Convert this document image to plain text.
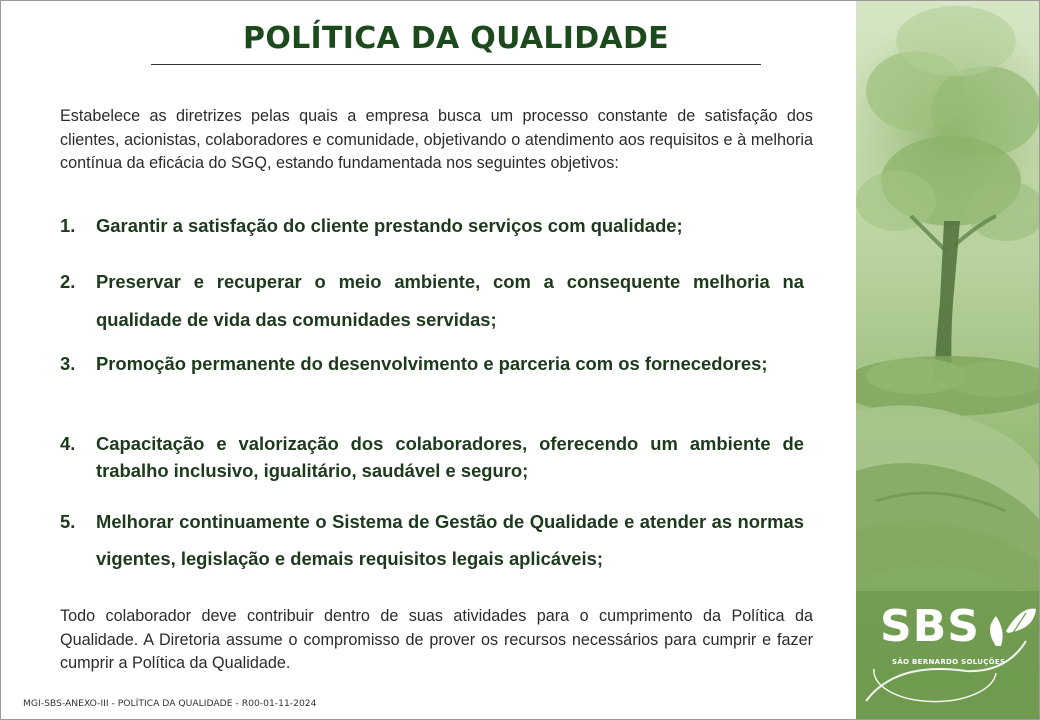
POLÍTICA DA QUALIDADE

Estabelece as diretrizes pelas quais a empresa busca um processo constante de satisfação dos clientes, acionistas, colaboradores e comunidade, objetivando o atendimento aos requisitos e à melhoria contínua da eficácia do SGQ, estando fundamentada nos seguintes objetivos:

1.	Garantir a satisfação do cliente prestando serviços com qualidade;
2.	Preservar e recuperar o meio ambiente, com a consequente melhoria na qualidade de vida das comunidades servidas;
3.	Promoção permanente do desenvolvimento e parceria com os fornecedores;
4.	Capacitação e valorização dos colaboradores, oferecendo um ambiente de trabalho inclusivo, igualitário, saudável e seguro;
5.	Melhorar continuamente o Sistema de Gestão de Qualidade e atender as normas vigentes, legislação e demais requisitos legais aplicáveis;

Todo colaborador deve contribuir dentro de suas atividades para o cumprimento da Política da Qualidade. A Diretoria assume o compromisso de prover os recursos necessários para cumprir e fazer cumprir a Política da Qualidade.

MGI-SBS-ANEXO-III - POLÍTICA DA QUALIDADE - R00-01-11-2024
SBS
SÃO BERNARDO SOLUÇÕES
